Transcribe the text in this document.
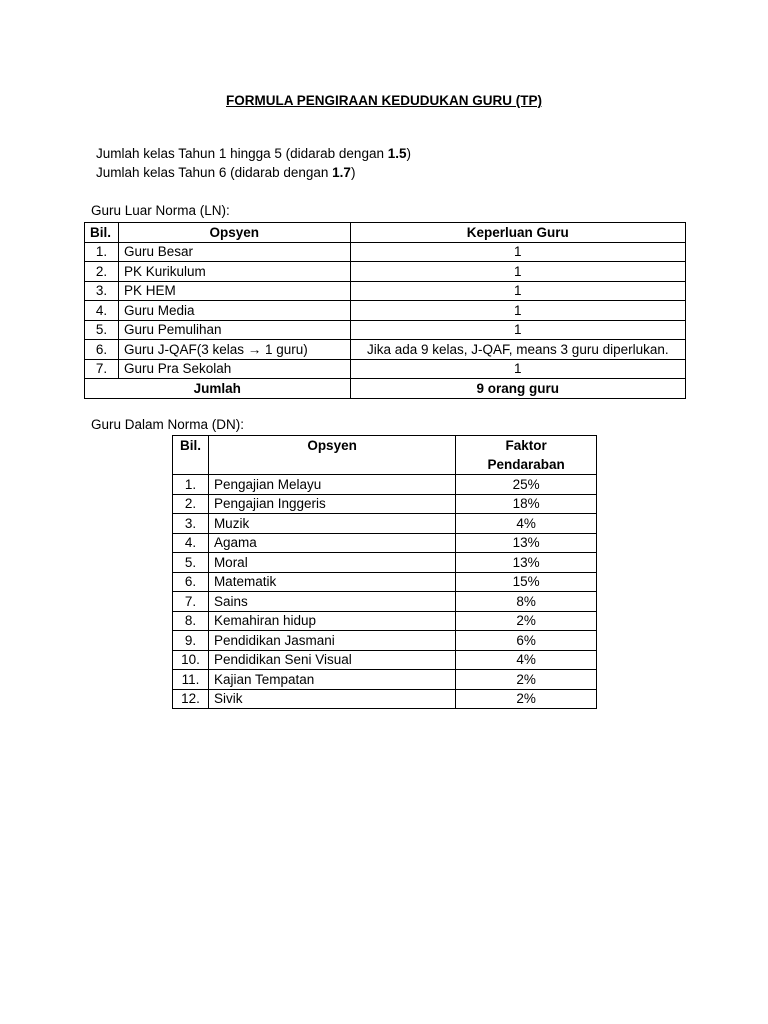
FORMULA PENGIRAAN KEDUDUKAN GURU (TP)
Jumlah kelas Tahun 1 hingga 5 (didarab dengan 1.5)
Jumlah kelas Tahun 6 (didarab dengan 1.7)
Guru Luar Norma (LN):
Bil.	Opsyen	Keperluan Guru
1.	Guru Besar	1
2.	PK Kurikulum	1
3.	PK HEM	1
4.	Guru Media	1
5.	Guru Pemulihan	1
6.	Guru J-QAF(3 kelas → 1 guru)	Jika ada 9 kelas, J-QAF, means 3 guru diperlukan.
7.	Guru Pra Sekolah	1
Jumlah		9 orang guru
Guru Dalam Norma (DN):
Bil.	Opsyen	Faktor
Pendaraban
1.	Pengajian Melayu	25%
2.	Pengajian Inggeris	18%
3.	Muzik	4%
4.	Agama	13%
5.	Moral	13%
6.	Matematik	15%
7.	Sains	8%
8.	Kemahiran hidup	2%
9.	Pendidikan Jasmani	6%
10.	Pendidikan Seni Visual	4%
11.	Kajian Tempatan	2%
12.	Sivik	2%
